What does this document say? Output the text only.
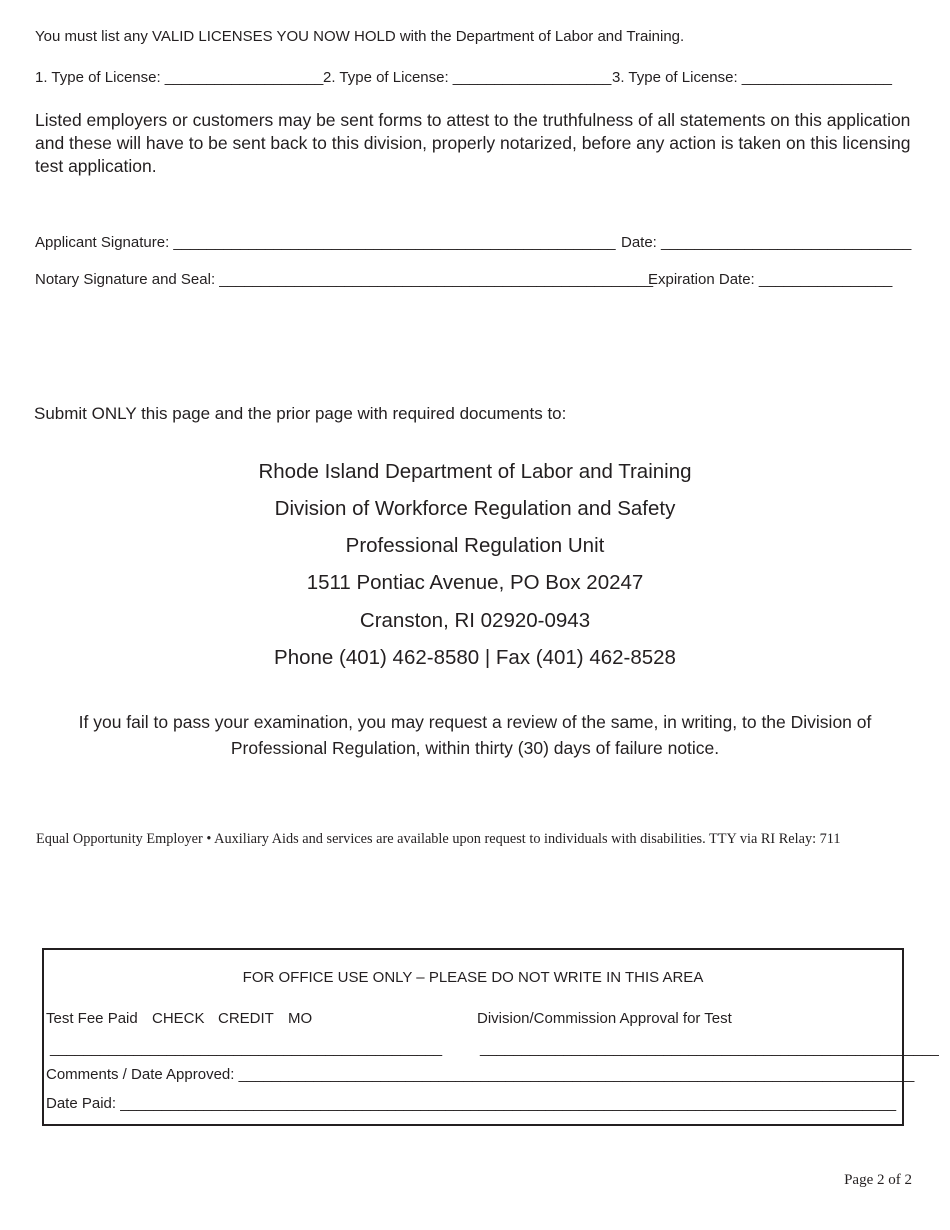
You must list any VALID LICENSES YOU NOW HOLD with the Department of Labor and Training.
1. Type of License: ___________________ 2. Type of License: ___________________ 3. Type of License: __________________
Listed employers or customers may be sent forms to attest to the truthfulness of all statements on this application and these will have to be sent back to this division, properly notarized, before any action is taken on this licensing test application.
Applicant Signature: _____________________________________________________ Date: ______________________________
Notary Signature and Seal: ____________________________________________________
Expiration Date: ________________
Submit ONLY this page and the prior page with required documents to:
Rhode Island Department of Labor and Training
Division of Workforce Regulation and Safety
Professional Regulation Unit
1511 Pontiac Avenue, PO Box 20247
Cranston, RI 02920-0943
Phone (401) 462-8580 | Fax (401) 462-8528
If you fail to pass your examination, you may request a review of the same, in writing, to the Division of Professional Regulation, within thirty (30) days of failure notice.
Equal Opportunity Employer • Auxiliary Aids and services are available upon request to individuals with disabilities. TTY via RI Relay: 711
FOR OFFICE USE ONLY – PLEASE DO NOT WRITE IN THIS AREA
Test Fee Paid CHECK CREDIT MO	Division/Commission Approval for Test
_______________________________________________	_______________________________________________________
Comments / Date Approved: _________________________________________________________________________________
Date Paid: _____________________________________________________________________________________________
Page 2 of 2
